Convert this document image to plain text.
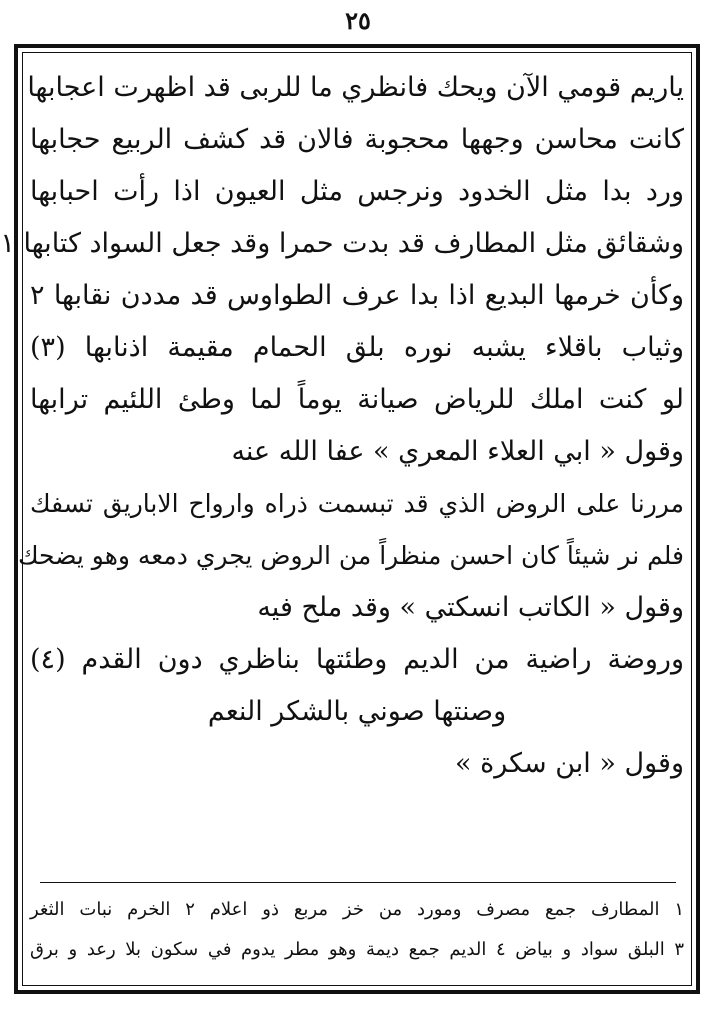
٢٥
ياريم قومي الآن ويحك فانظري ما للربى قد اظهرت اعجابها
كانت محاسن وجهها محجوبة فالان قد كشف الربيع حجابها
ورد بدا مثل الخدود ونرجس مثل العيون اذا رأت احبابها
وشقائق مثل المطارف قد بدت حمرا وقد جعل السواد كتابها ١
وكأن خرمها البديع اذا بدا عرف الطواوس قد مددن نقابها ٢
وثياب باقلاء يشبه نوره بلق الحمام مقيمة اذنابها (٣)
لو كنت املك للرياض صيانة يوماً لما وطئ اللئيم ترابها
وقول « ابي العلاء المعري » عفا الله عنه
مررنا على الروض الذي قد تبسمت ذراه وارواح الاباريق تسفك
فلم نر شيئاً كان احسن منظراً من الروض يجري دمعه وهو يضحك
وقول « الكاتب انسكتي » وقد ملح فيه
وروضة راضية من الديم وطئتها بناظري دون القدم (٤)
وصنتها صوني بالشكر النعم
وقول « ابن سكرة »
١ المطارف جمع مصرف ومورد من خز مربع ذو اعلام ٢ الخرم نبات الثغر
٣ البلق سواد و بياض ٤ الديم جمع ديمة وهو مطر يدوم في سكون بلا رعد و برق
